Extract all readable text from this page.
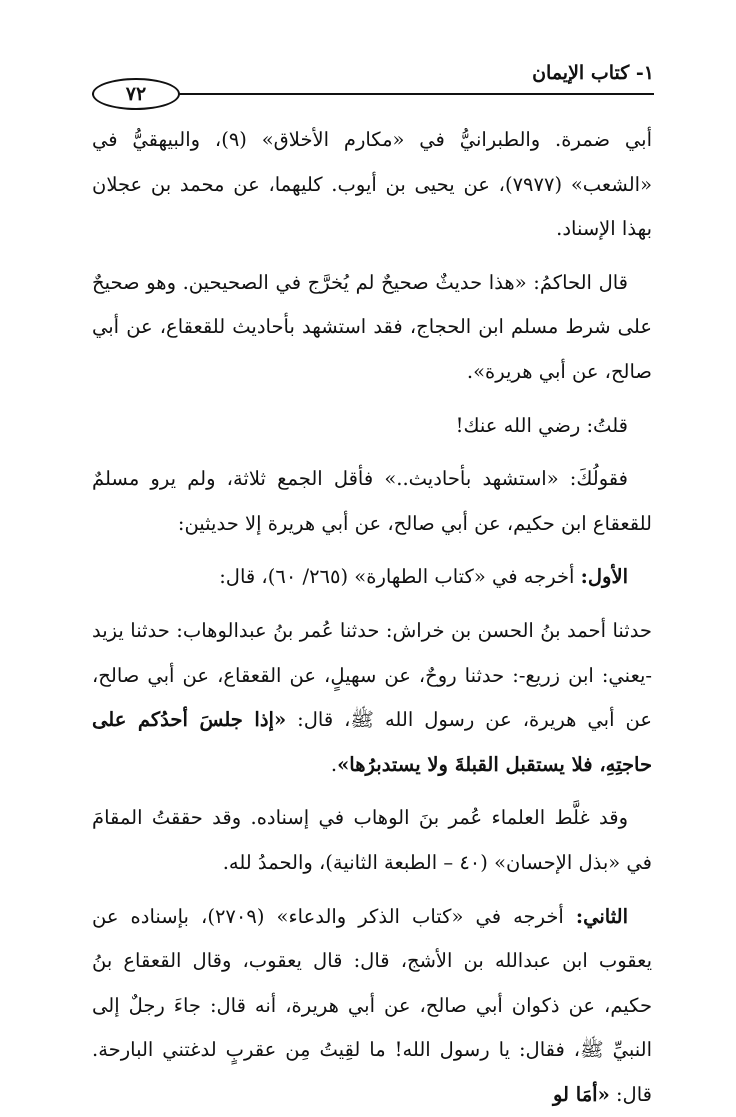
٧٢
١- كتاب الإيمان

أبي ضمرة. والطبرانيُّ في «مكارم الأخلاق» (٩)، والبيهقيُّ في «الشعب» (٧٩٧٧)، عن يحيى بن أيوب. كليهما، عن محمد بن عجلان بهذا الإسناد.

قال الحاكمُ: «هذا حديثٌ صحيحٌ لم يُخرَّج في الصحيحين. وهو صحيحٌ على شرط مسلم ابن الحجاج، فقد استشهد بأحاديث للقعقاع، عن أبي صالح، عن أبي هريرة».

قلتُ: رضي الله عنك!

فقولُكَ: «استشهد بأحاديث..» فأقل الجمع ثلاثة، ولم يرو مسلمٌ للقعقاع ابن حكيم، عن أبي صالح، عن أبي هريرة إلا حديثين:

الأول: أخرجه في «كتاب الطهارة» (٢٦٥/ ٦٠)، قال:

حدثنا أحمد بنُ الحسن بن خراش: حدثنا عُمر بنُ عبدالوهاب: حدثنا يزيد -يعني: ابن زريع-: حدثنا روحٌ، عن سهيلٍ، عن القعقاع، عن أبي صالح، عن أبي هريرة، عن رسول الله ﷺ، قال: «إذا جلسَ أحدُكم على حاجتِهِ، فلا يستقبل القبلةَ ولا يستدبرُها».

وقد غلَّط العلماء عُمر بنَ الوهاب في إسناده. وقد حققتُ المقامَ في «بذل الإحسان» (٤٠ – الطبعة الثانية)، والحمدُ لله.

الثاني: أخرجه في «كتاب الذكر والدعاء» (٢٧٠٩)، بإسناده عن يعقوب ابن عبدالله بن الأشج، قال: قال يعقوب، وقال القعقاع بنُ حكيم، عن ذكوان أبي صالح، عن أبي هريرة، أنه قال: جاءَ رجلٌ إلى النبيِّ ﷺ، فقال: يا رسول الله! ما لقِيتُ مِن عقربٍ لدغتني البارحة. قال: «أمَا لو
